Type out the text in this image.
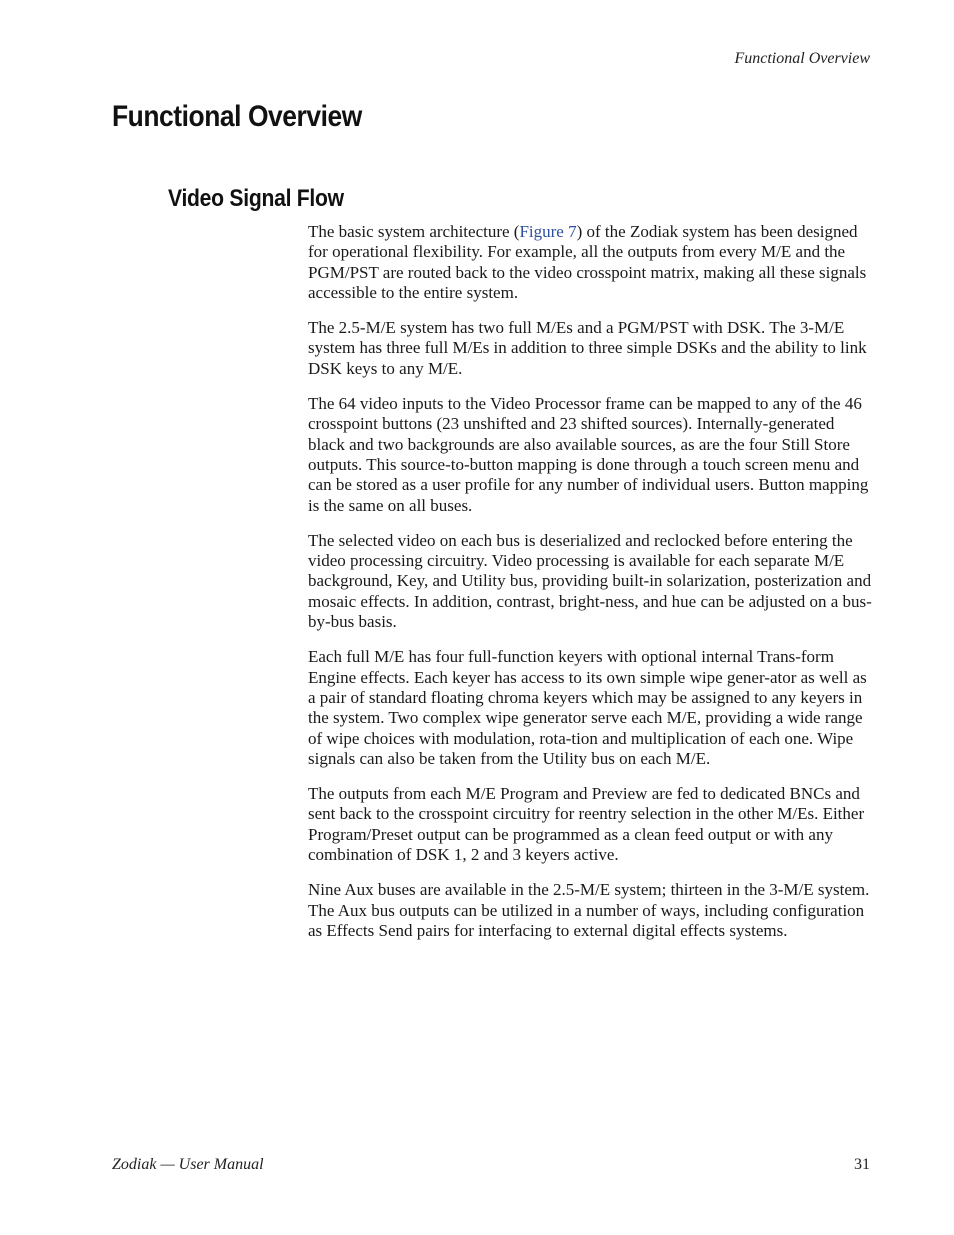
Functional Overview
Functional Overview
Video Signal Flow

The basic system architecture (Figure 7) of the Zodiak system has been designed for operational flexibility. For example, all the outputs from every M/E and the PGM/PST are routed back to the video crosspoint matrix, making all these signals accessible to the entire system.

The 2.5-M/E system has two full M/Es and a PGM/PST with DSK. The 3-M/E system has three full M/Es in addition to three simple DSKs and the ability to link DSK keys to any M/E.

The 64 video inputs to the Video Processor frame can be mapped to any of the 46 crosspoint buttons (23 unshifted and 23 shifted sources). Internally-generated black and two backgrounds are also available sources, as are the four Still Store outputs. This source-to-button mapping is done through a touch screen menu and can be stored as a user profile for any number of individual users. Button mapping is the same on all buses.

The selected video on each bus is deserialized and reclocked before entering the video processing circuitry. Video processing is available for each separate M/E background, Key, and Utility bus, providing built-in solarization, posterization and mosaic effects. In addition, contrast, bright-ness, and hue can be adjusted on a bus-by-bus basis.

Each full M/E has four full-function keyers with optional internal Trans-form Engine effects. Each keyer has access to its own simple wipe gener-ator as well as a pair of standard floating chroma keyers which may be assigned to any keyers in the system. Two complex wipe generator serve each M/E, providing a wide range of wipe choices with modulation, rota-tion and multiplication of each one. Wipe signals can also be taken from the Utility bus on each M/E.

The outputs from each M/E Program and Preview are fed to dedicated BNCs and sent back to the crosspoint circuitry for reentry selection in the other M/Es. Either Program/Preset output can be programmed as a clean feed output or with any combination of DSK 1, 2 and 3 keyers active.

Nine Aux buses are available in the 2.5-M/E system; thirteen in the 3-M/E system. The Aux bus outputs can be utilized in a number of ways, including configuration as Effects Send pairs for interfacing to external digital effects systems.

Zodiak — User Manual	31
